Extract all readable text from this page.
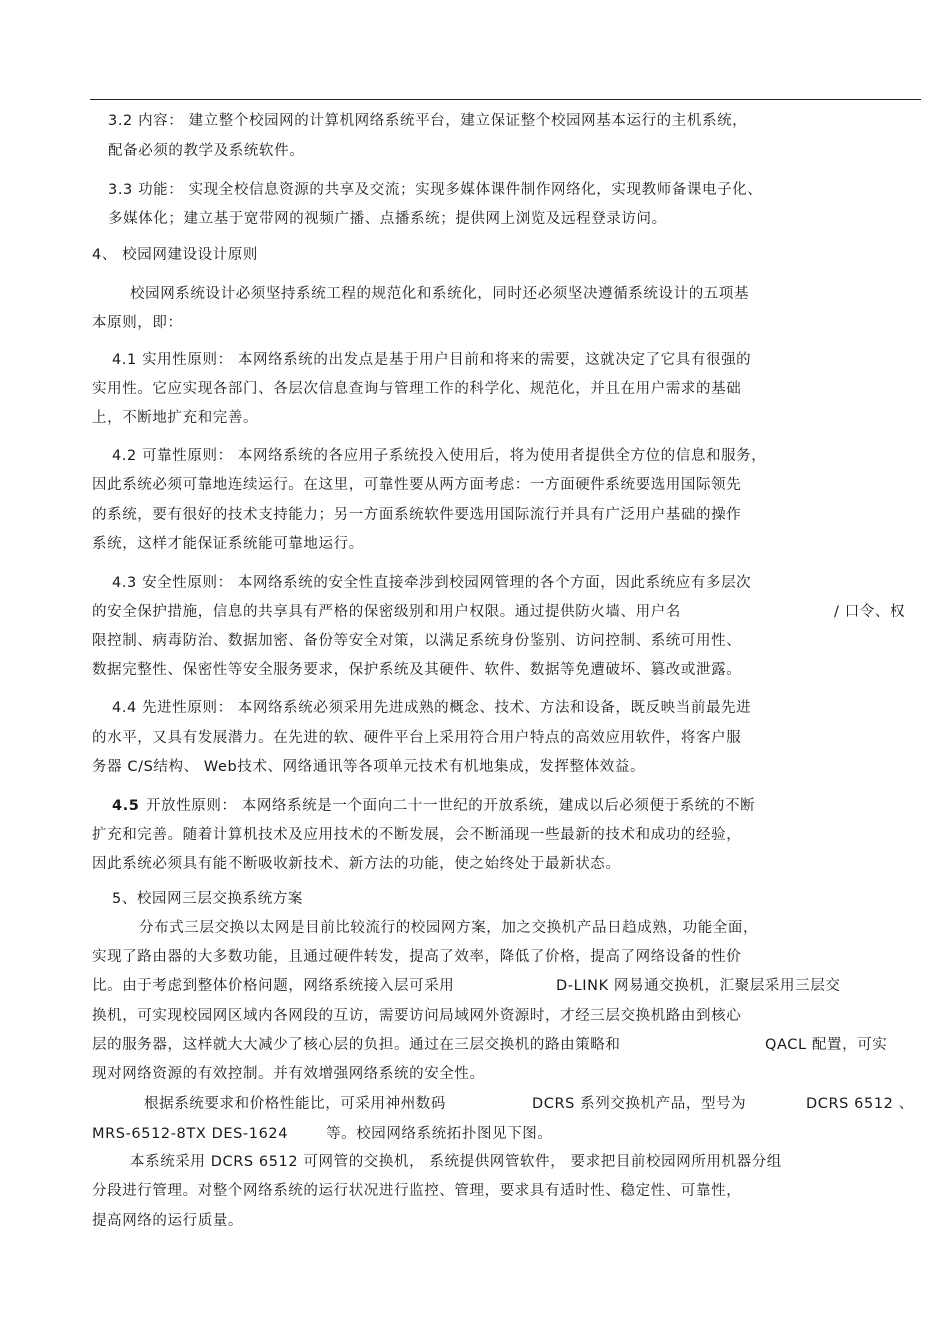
3.2 内容： 建立整个校园网的计算机网络系统平台，建立保证整个校园网基本运行的主机系统，
配备必须的教学及系统软件。
3.3 功能： 实现全校信息资源的共享及交流；实现多媒体课件制作网络化，实现教师备课电子化、
多媒体化；建立基于宽带网的视频广播、点播系统；提供网上浏览及远程登录访问。
4、 校园网建设设计原则
校园网系统设计必须坚持系统工程的规范化和系统化，同时还必须坚决遵循系统设计的五项基
本原则，即：
4.1 实用性原则： 本网络系统的出发点是基于用户目前和将来的需要，这就决定了它具有很强的
实用性。它应实现各部门、各层次信息查询与管理工作的科学化、规范化，并且在用户需求的基础
上，不断地扩充和完善。
4.2 可靠性原则： 本网络系统的各应用子系统投入使用后，将为使用者提供全方位的信息和服务，
因此系统必须可靠地连续运行。在这里，可靠性要从两方面考虑：一方面硬件系统要选用国际领先
的系统，要有很好的技术支持能力；另一方面系统软件要选用国际流行并具有广泛用户基础的操作
系统，这样才能保证系统能可靠地运行。
4.3 安全性原则： 本网络系统的安全性直接牵涉到校园网管理的各个方面，因此系统应有多层次
的安全保护措施，信息的共享具有严格的保密级别和用户权限。通过提供防火墙、用户名	/ 口令、权
限控制、病毒防治、数据加密、备份等安全对策，以满足系统身份鉴别、访问控制、系统可用性、
数据完整性、保密性等安全服务要求，保护系统及其硬件、软件、数据等免遭破坏、篡改或泄露。
4.4 先进性原则： 本网络系统必须采用先进成熟的概念、技术、方法和设备，既反映当前最先进
的水平，又具有发展潜力。在先进的软、硬件平台上采用符合用户特点的高效应用软件，将客户服
务器 C/S结构、 Web技术、网络通讯等各项单元技术有机地集成，发挥整体效益。
4.5 开放性原则： 本网络系统是一个面向二十一世纪的开放系统，建成以后必须便于系统的不断
扩充和完善。随着计算机技术及应用技术的不断发展，会不断涌现一些最新的技术和成功的经验，
因此系统必须具有能不断吸收新技术、新方法的功能，使之始终处于最新状态。
5、校园网三层交换系统方案
分布式三层交换以太网是目前比较流行的校园网方案，加之交换机产品日趋成熟，功能全面，
实现了路由器的大多数功能，且通过硬件转发，提高了效率，降低了价格，提高了网络设备的性价
比。由于考虑到整体价格问题，网络系统接入层可采用	D-LINK 网易通交换机，汇聚层采用三层交
换机，可实现校园网区域内各网段的互访，需要访问局域网外资源时，才经三层交换机路由到核心
层的服务器，这样就大大减少了核心层的负担。通过在三层交换机的路由策略和	QACL 配置，可实
现对网络资源的有效控制。并有效增强网络系统的安全性。
根据系统要求和价格性能比，可采用神州数码	DCRS 系列交换机产品，型号为	DCRS 6512 、
MRS-6512-8TX DES-1624	等。校园网络系统拓扑图见下图。
本系统采用 DCRS 6512 可网管的交换机， 系统提供网管软件， 要求把目前校园网所用机器分组
分段进行管理。对整个网络系统的运行状况进行监控、管理，要求具有适时性、稳定性、可靠性，
提高网络的运行质量。
